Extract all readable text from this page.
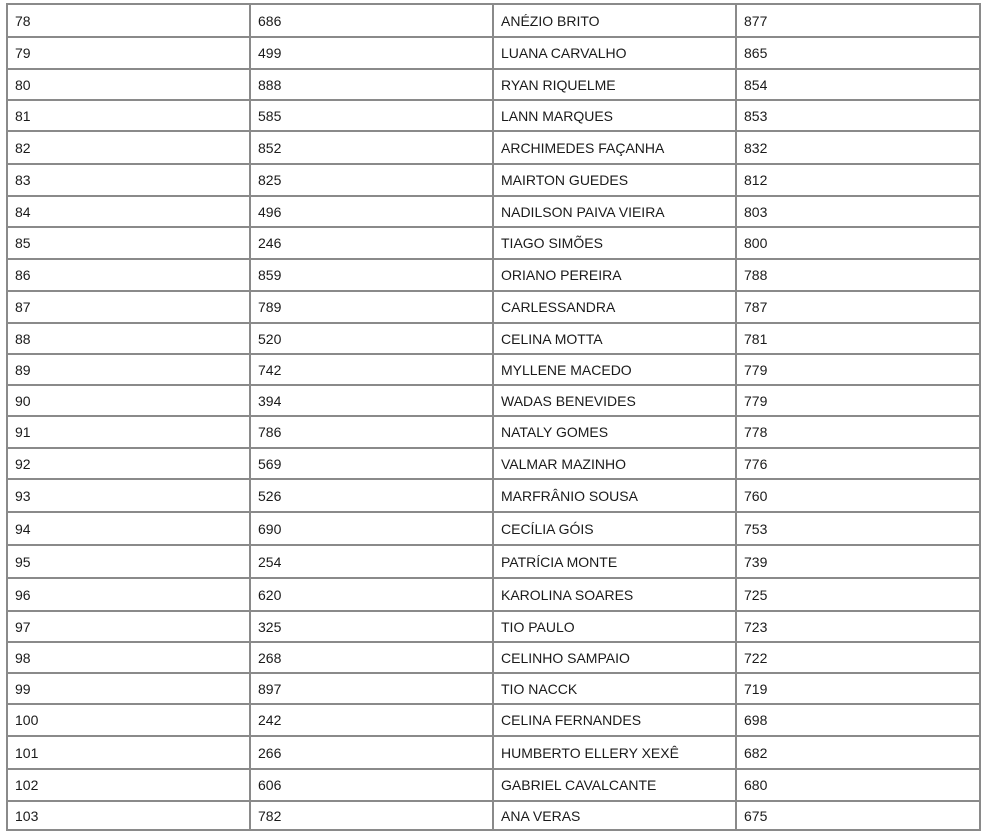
78	686	ANÉZIO BRITO	877
79	499	LUANA CARVALHO	865
80	888	RYAN RIQUELME	854
81	585	LANN MARQUES	853
82	852	ARCHIMEDES FAÇANHA	832
83	825	MAIRTON GUEDES	812
84	496	NADILSON PAIVA VIEIRA	803
85	246	TIAGO SIMÕES	800
86	859	ORIANO PEREIRA	788
87	789	CARLESSANDRA	787
88	520	CELINA MOTTA	781
89	742	MYLLENE MACEDO	779
90	394	WADAS BENEVIDES	779
91	786	NATALY GOMES	778
92	569	VALMAR MAZINHO	776
93	526	MARFRÂNIO SOUSA	760
94	690	CECÍLIA GÓIS	753
95	254	PATRÍCIA MONTE	739
96	620	KAROLINA SOARES	725
97	325	TIO PAULO	723
98	268	CELINHO SAMPAIO	722
99	897	TIO NACCK	719
100	242	CELINA FERNANDES	698
101	266	HUMBERTO ELLERY XEXÊ	682
102	606	GABRIEL CAVALCANTE	680
103	782	ANA VERAS	675
